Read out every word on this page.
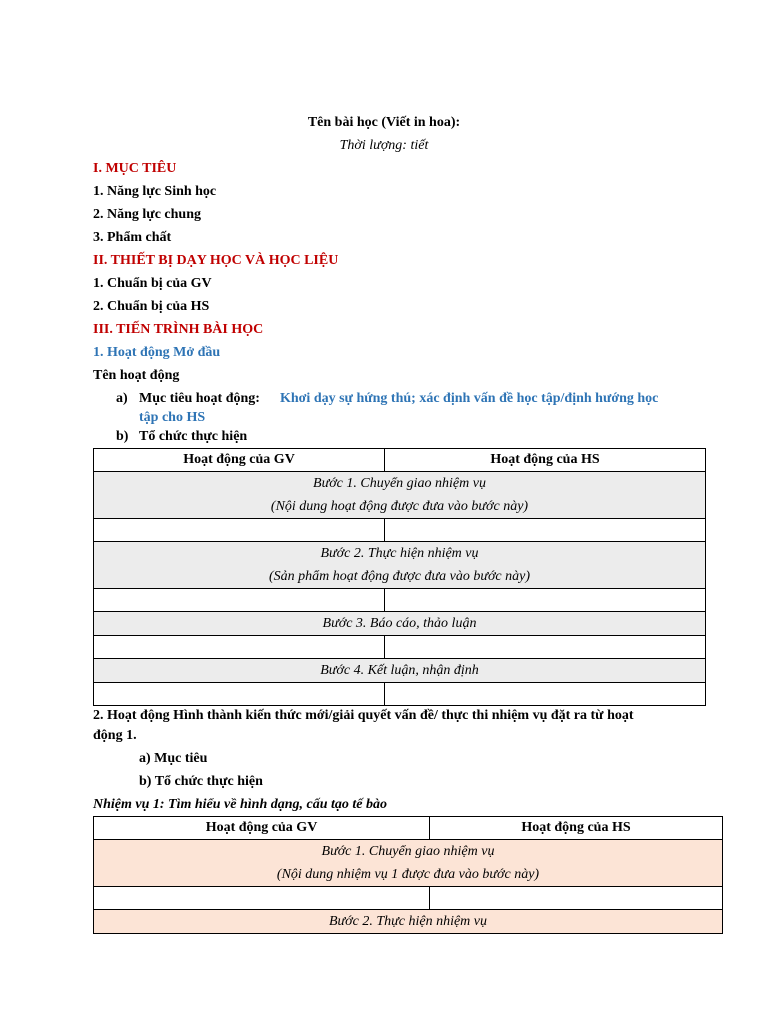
Tên bài học (Viết in hoa):
Thời lượng: tiết
I. MỤC TIÊU
1. Năng lực Sinh học
2. Năng lực chung
3. Phẩm chất
II. THIẾT BỊ DẠY HỌC VÀ HỌC LIỆU
1. Chuẩn bị của GV
2. Chuẩn bị của HS
III. TIẾN TRÌNH BÀI HỌC
1. Hoạt động Mở đầu
Tên hoạt động
a) Mục tiêu hoạt động: Khơi dạy sự hứng thú; xác định vấn đề học tập/định hướng học
tập cho HS
b) Tổ chức thực hiện
Hoạt động của GV	Hoạt động của HS

Bước 1. Chuyển giao nhiệm vụ
(Nội dung hoạt động được đưa vào bước này)	

Bước 2. Thực hiện nhiệm vụ
(Sản phẩm hoạt động được đưa vào bước này)	

Bước 3. Báo cáo, thảo luận	

Bước 4. Kết luận, nhận định	

2. Hoạt động Hình thành kiến thức mới/giải quyết vấn đề/ thực thi nhiệm vụ đặt ra từ hoạt
động 1.
a) Mục tiêu
b) Tổ chức thực hiện
Nhiệm vụ 1: Tìm hiểu về hình dạng, cấu tạo tế bào
Hoạt động của GV	Hoạt động của HS

Bước 1. Chuyển giao nhiệm vụ
(Nội dung nhiệm vụ 1 được đưa vào bước này)	

Bước 2. Thực hiện nhiệm vụ	
